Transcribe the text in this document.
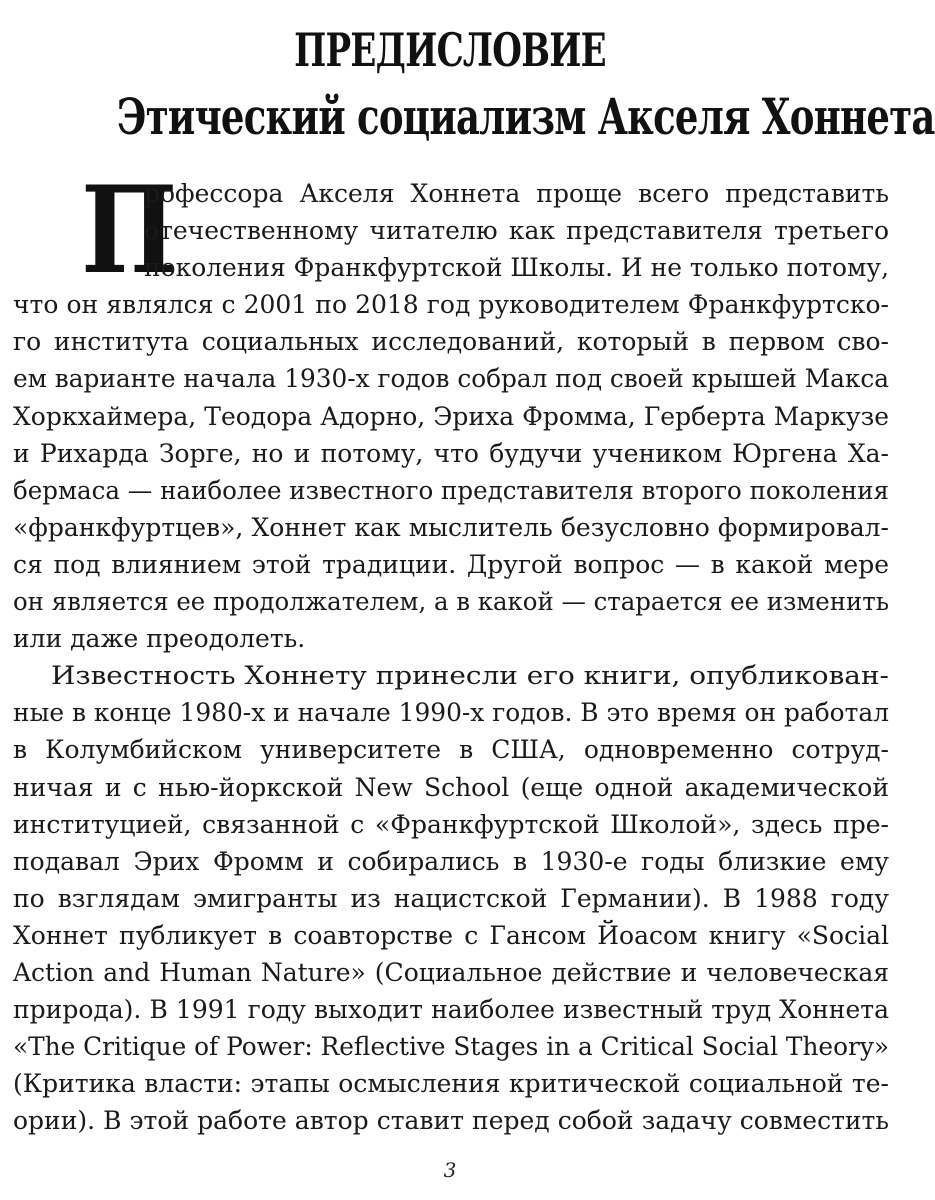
ПРЕДИСЛОВИЕ
Этический социализм Акселя Хоннета
П
рофессора Акселя Хоннета проще всего представить
отечественному читателю как представителя третьего
поколения Франкфуртской Школы. И не только потому,
что он являлся с 2001 по 2018 год руководителем Франкфуртско-
го института социальных исследований, который в первом сво-
ем варианте начала 1930-х годов собрал под своей крышей Макса
Хоркхаймера, Теодора Адорно, Эриха Фромма, Герберта Маркузе
и Рихарда Зорге, но и потому, что будучи учеником Юргена Ха-
бермаса — наиболее известного представителя второго поколения
«франкфуртцев», Хоннет как мыслитель безусловно формировал-
ся под влиянием этой традиции. Другой вопрос — в какой мере
он является ее продолжателем, а в какой — старается ее изменить
или даже преодолеть.
Известность Хоннету принесли его книги, опубликован-
ные в конце 1980-х и начале 1990-х годов. В это время он работал
в Колумбийском университете в США, одновременно сотруд-
ничая и с нью-йоркской New School (еще одной академической
институцией, связанной с «Франкфуртской Школой», здесь пре-
подавал Эрих Фромм и собирались в 1930-е годы близкие ему
по взглядам эмигранты из нацистской Германии). В 1988 году
Хоннет публикует в соавторстве с Гансом Йоасом книгу «Social
Action and Human Nature» (Социальное действие и человеческая
природа). В 1991 году выходит наиболее известный труд Хоннета
«The Critique of Power: Reflective Stages in a Critical Social Theory»
(Критика власти: этапы осмысления критической социальной те-
ории). В этой работе автор ставит перед собой задачу совместить
3
